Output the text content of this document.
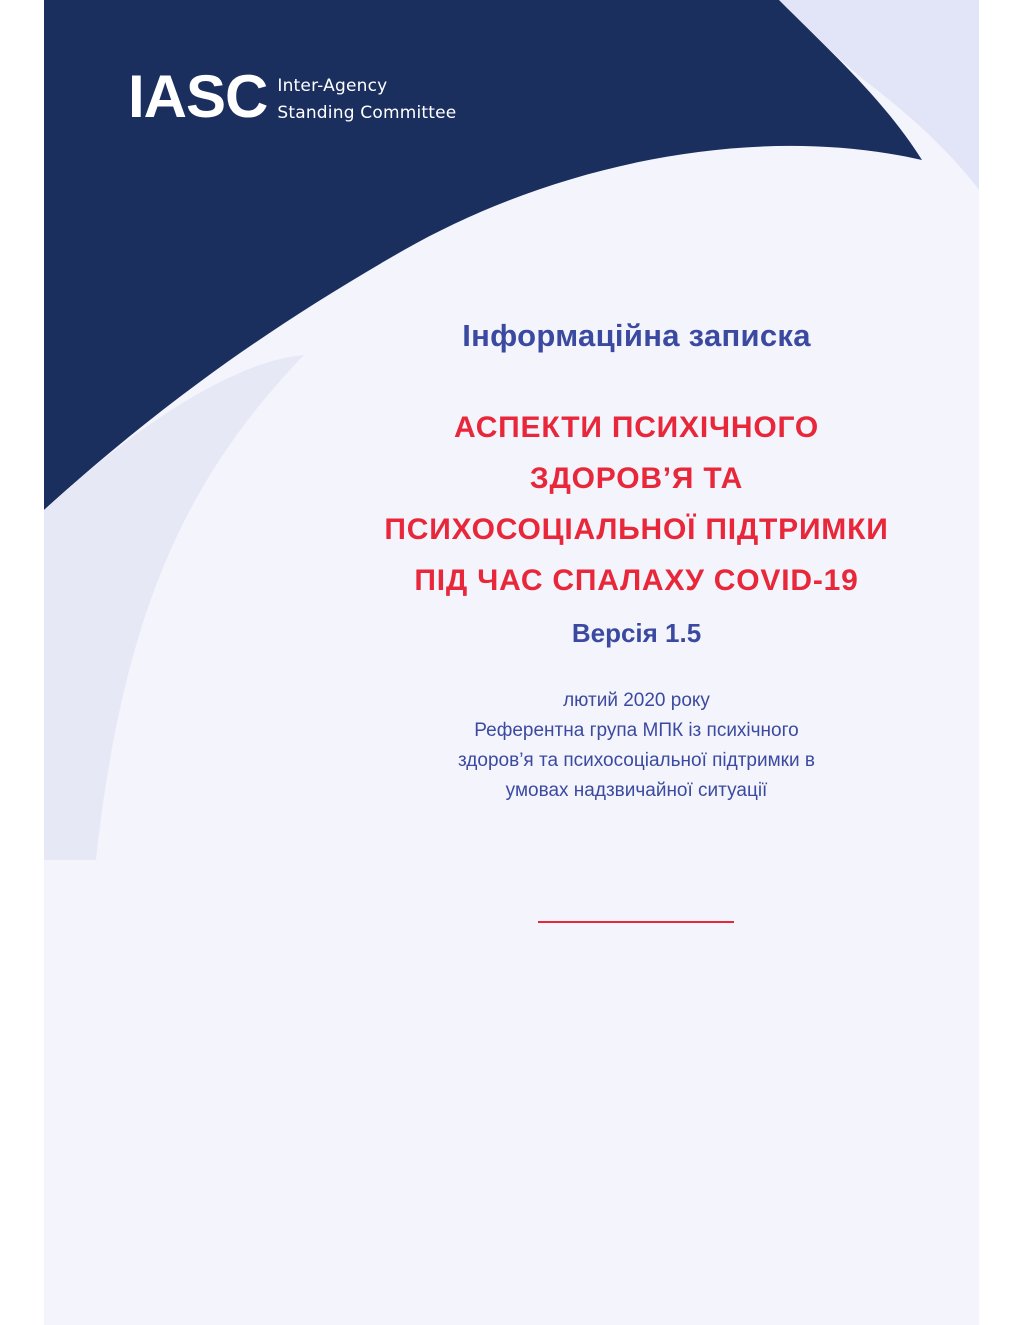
IASC Inter-Agency
Standing Committee
Інформаційна записка
АСПЕКТИ ПСИХІЧНОГО
ЗДОРОВ’Я ТА
ПСИХОСОЦІАЛЬНОЇ ПІДТРИМКИ
ПІД ЧАС СПАЛАХУ COVID-19
Версія 1.5
лютий 2020 року
Референтна група МПК із психічного
здоров’я та психосоціальної підтримки в
умовах надзвичайної ситуації
